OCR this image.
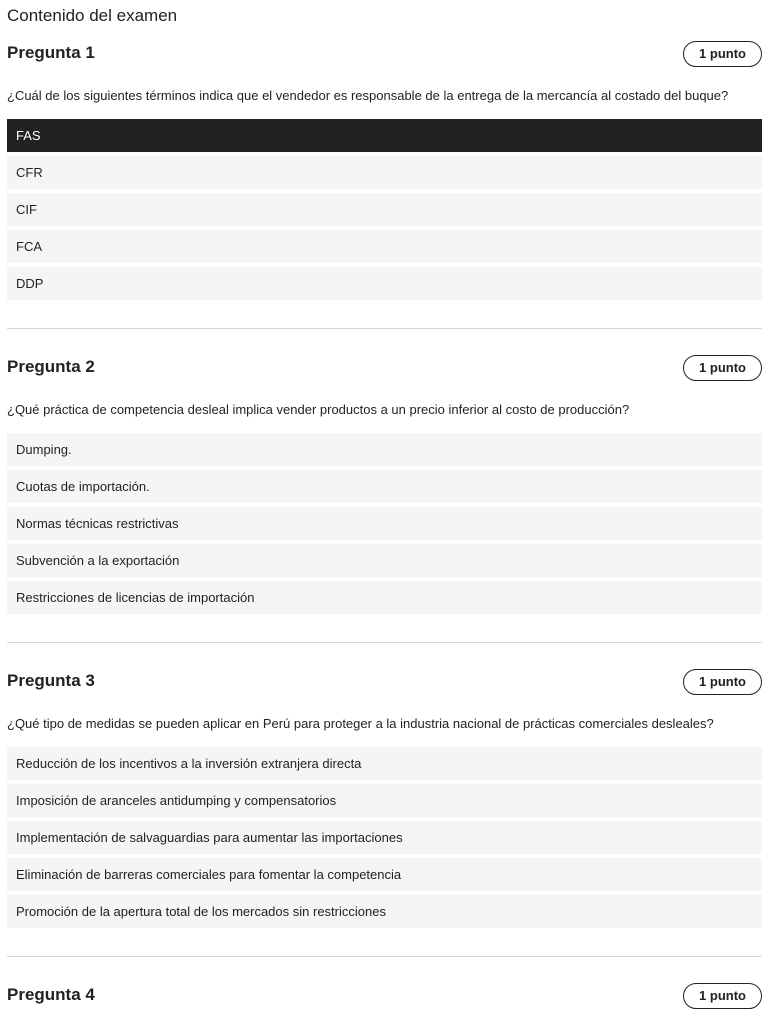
Contenido del examen
Pregunta 1	1 punto
¿Cuál de los siguientes términos indica que el vendedor es responsable de la entrega de la mercancía al costado del buque?
FAS
CFR
CIF
FCA
DDP
Pregunta 2	1 punto
¿Qué práctica de competencia desleal implica vender productos a un precio inferior al costo de producción?
Dumping.
Cuotas de importación.
Normas técnicas restrictivas
Subvención a la exportación
Restricciones de licencias de importación
Pregunta 3	1 punto
¿Qué tipo de medidas se pueden aplicar en Perú para proteger a la industria nacional de prácticas comerciales desleales?
Reducción de los incentivos a la inversión extranjera directa
Imposición de aranceles antidumping y compensatorios
Implementación de salvaguardias para aumentar las importaciones
Eliminación de barreras comerciales para fomentar la competencia
Promoción de la apertura total de los mercados sin restricciones
Pregunta 4	1 punto
